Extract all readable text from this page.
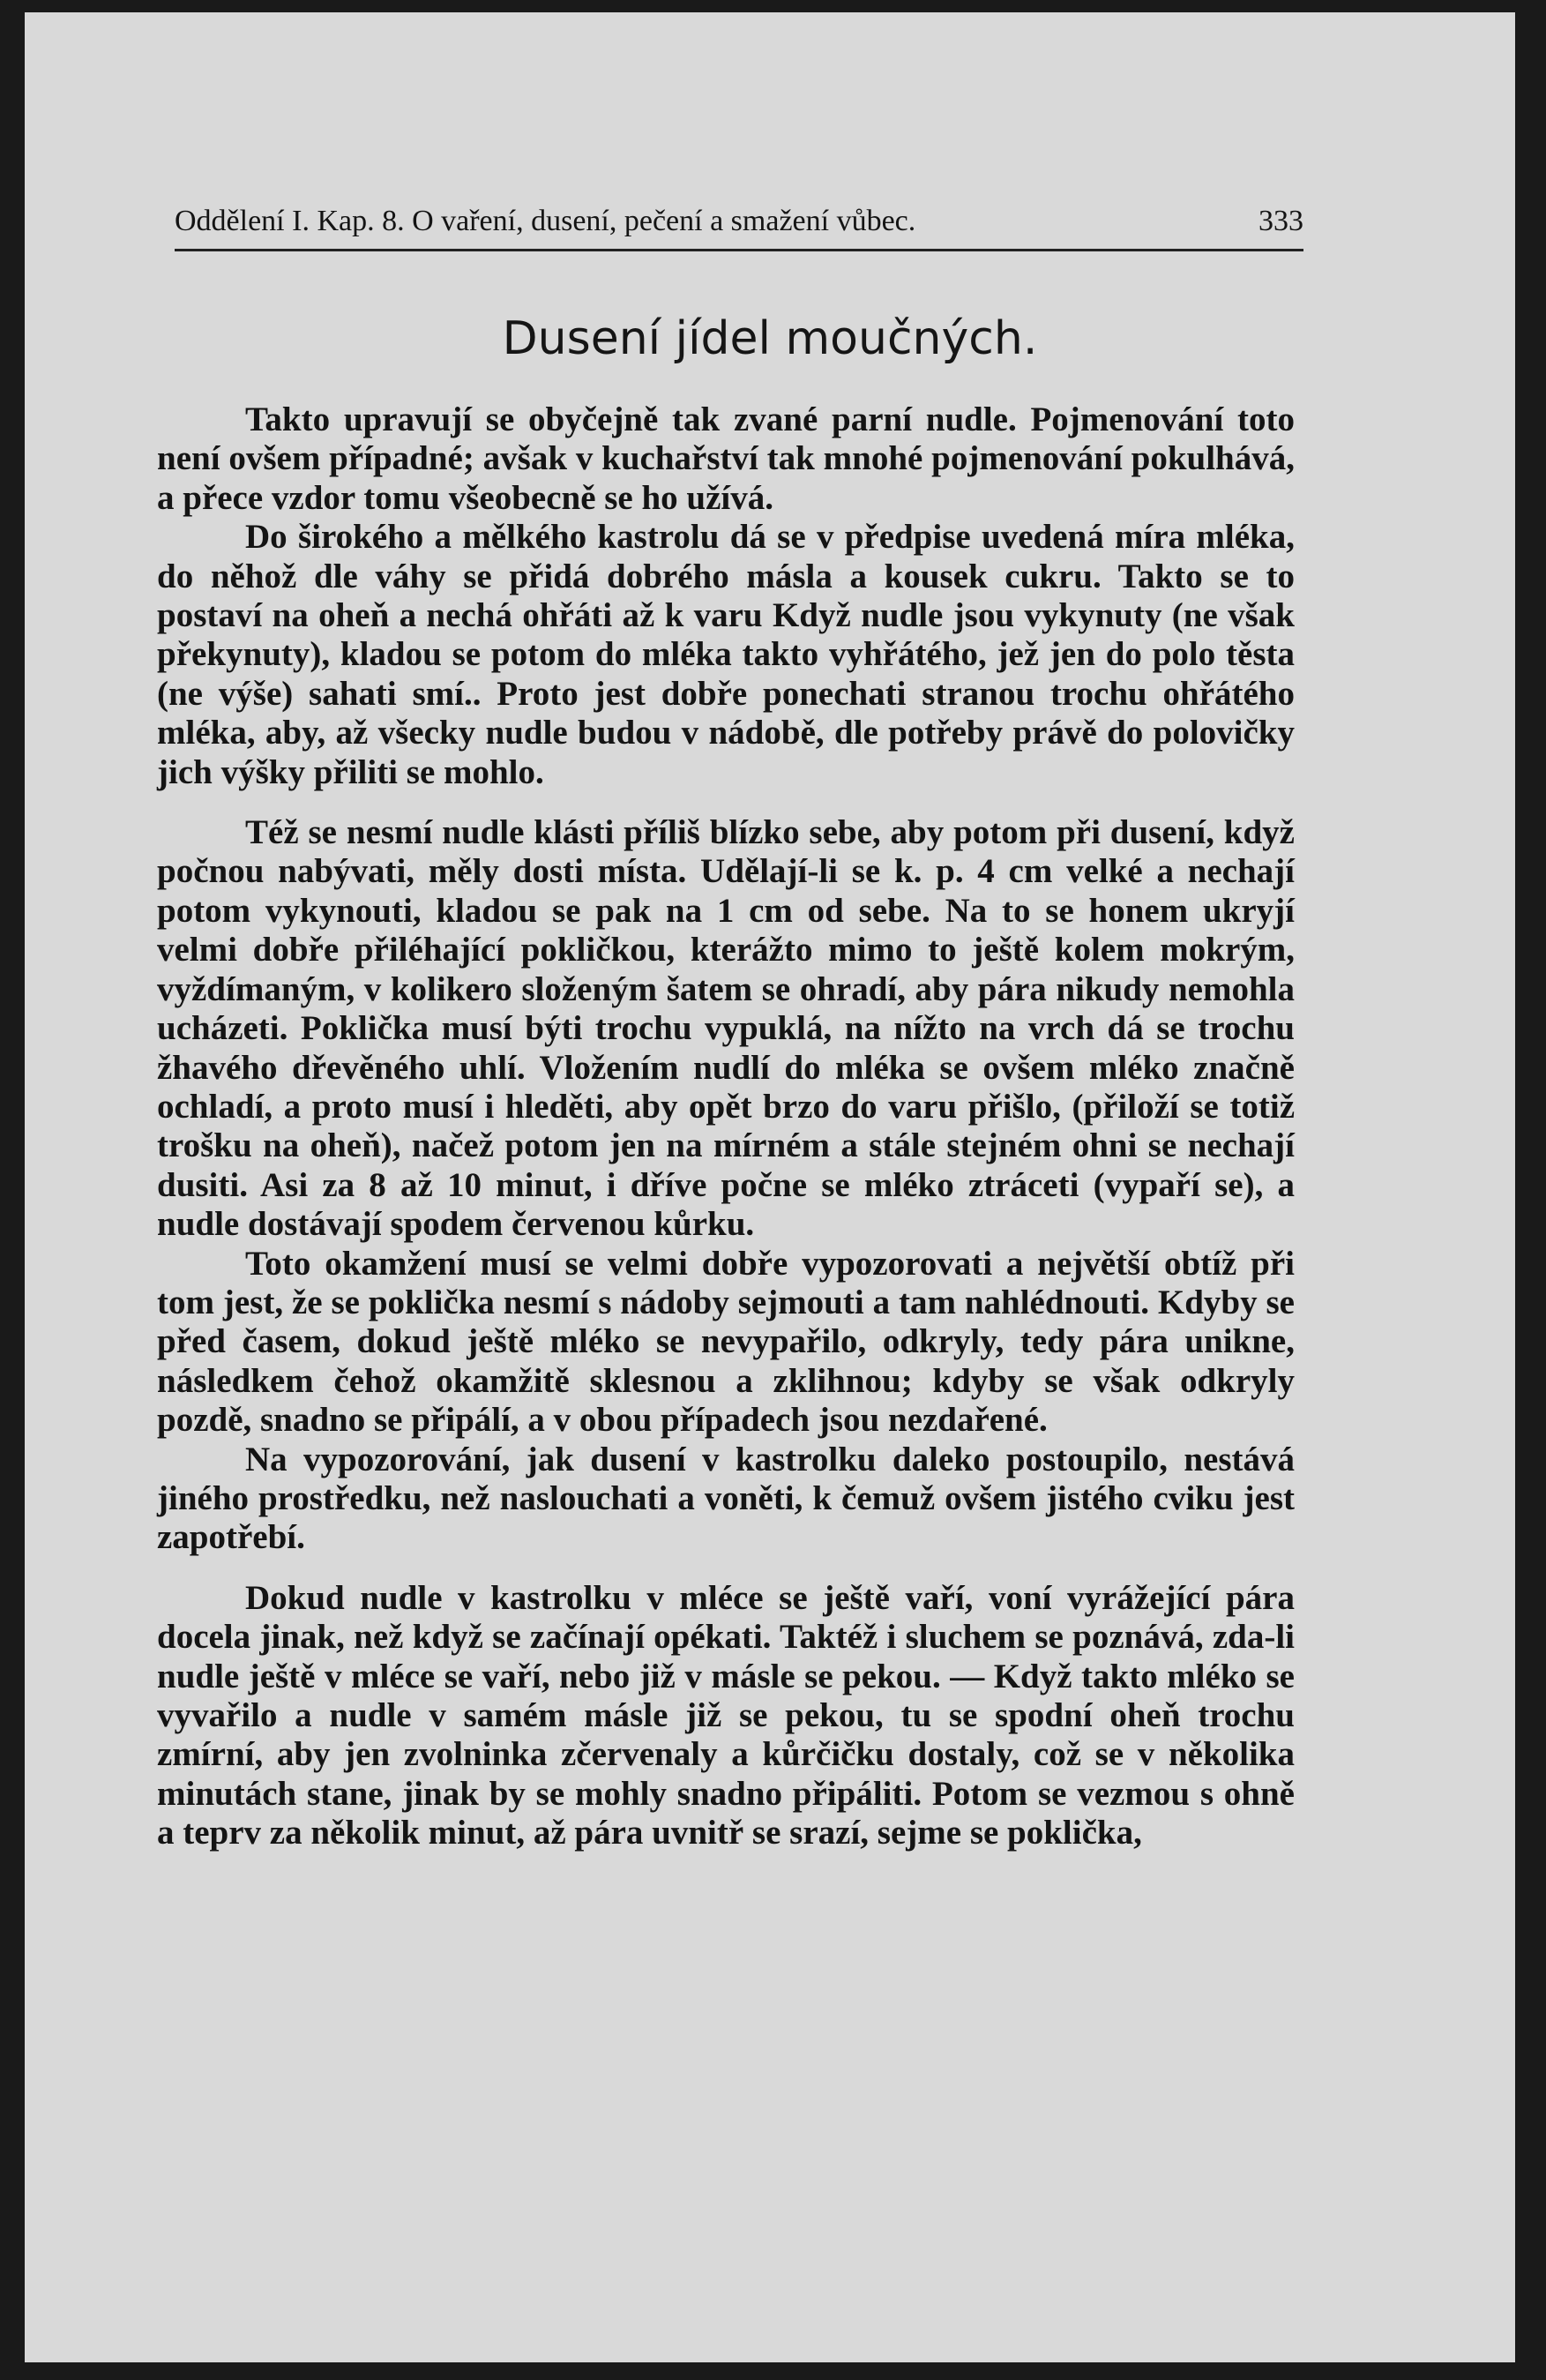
Oddělení I. Kap. 8. O vaření, dusení, pečení a smažení vůbec.	333
Dusení jídel moučných.

Takto upravují se obyčejně tak zvané parní nudle. Pojmenování toto není ovšem případné; avšak v kuchařství tak mnohé pojmenování pokulhává, a přece vzdor tomu všeobecně se ho užívá.

Do širokého a mělkého kastrolu dá se v předpise uvedená míra mléka, do něhož dle váhy se přidá dobrého másla a kousek cukru. Takto se to postaví na oheň a nechá ohřáti až k varu Když nudle jsou vykynuty (ne však překynuty), kladou se potom do mléka takto vyhřátého, jež jen do polo těsta (ne výše) sahati smí.. Proto jest dobře ponechati stranou trochu ohřátého mléka, aby, až všecky nudle budou v nádobě, dle potřeby právě do polovičky jich výšky přiliti se mohlo.

Též se nesmí nudle klásti příliš blízko sebe, aby potom při dusení, když počnou nabývati, měly dosti místa. Udělají-li se k. p. 4 cm velké a nechají potom vykynouti, kladou se pak na 1 cm od sebe. Na to se honem ukryjí velmi dobře přiléhající pokličkou, kterážto mimo to ještě kolem mokrým, vyždímaným, v kolikero složeným šatem se ohradí, aby pára nikudy nemohla ucházeti. Poklička musí býti trochu vypuklá, na nížto na vrch dá se trochu žhavého dřevěného uhlí. Vložením nudlí do mléka se ovšem mléko značně ochladí, a proto musí i hleděti, aby opět brzo do varu přišlo, (přiloží se totiž trošku na oheň), načež potom jen na mírném a stále stejném ohni se nechají dusiti. Asi za 8 až 10 minut, i dříve počne se mléko ztráceti (vypaří se), a nudle dostávají spodem červenou kůrku.

Toto okamžení musí se velmi dobře vypozorovati a největší obtíž při tom jest, že se poklička nesmí s nádoby sejmouti a tam nahlédnouti. Kdyby se před časem, dokud ještě mléko se nevypařilo, odkryly, tedy pára unikne, následkem čehož okamžitě sklesnou a zklihnou; kdyby se však odkryly pozdě, snadno se připálí, a v obou případech jsou nezdařené.

Na vypozorování, jak dusení v kastrolku daleko postoupilo, nestává jiného prostředku, než naslouchati a voněti, k čemuž ovšem jistého cviku jest zapotřebí.

Dokud nudle v kastrolku v mléce se ještě vaří, voní vyrážející pára docela jinak, než když se začínají opékati. Taktéž i sluchem se poznává, zda-li nudle ještě v mléce se vaří, nebo již v másle se pekou. — Když takto mléko se vyvařilo a nudle v samém másle již se pekou, tu se spodní oheň trochu zmírní, aby jen zvolninka zčervenaly a kůrčičku dostaly, což se v několika minutách stane, jinak by se mohly snadno připáliti. Potom se vezmou s ohně a teprv za několik minut, až pára uvnitř se srazí, sejme se poklička,
